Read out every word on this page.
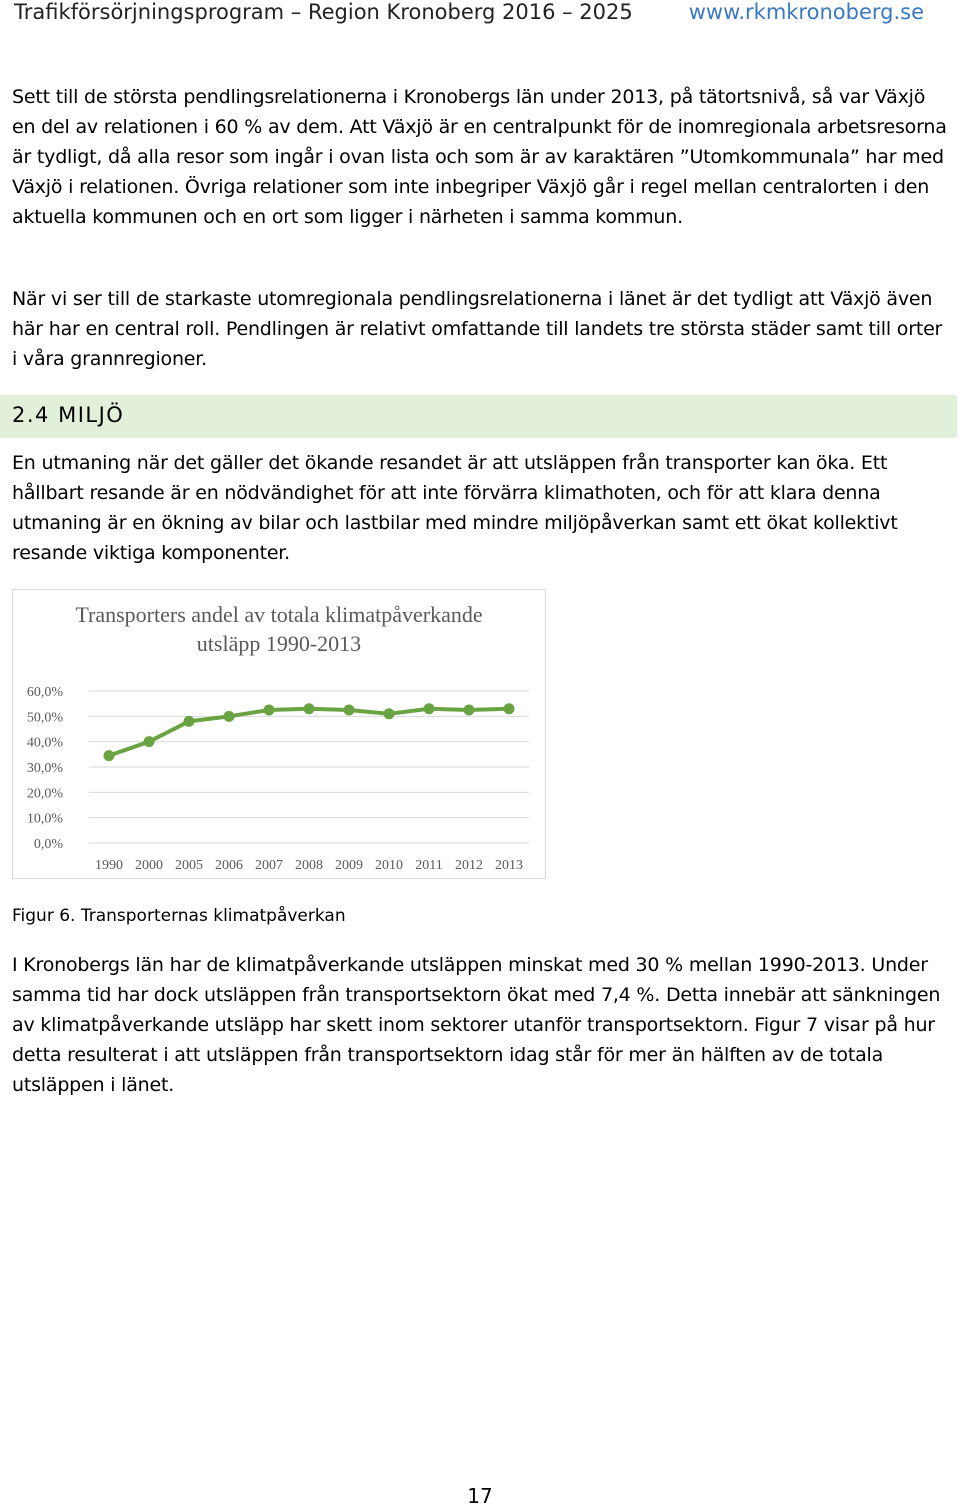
Trafikförsörjningsprogram – Region Kronoberg 2016 – 2025	www.rkmkronoberg.se

Sett till de största pendlingsrelationerna i Kronobergs län under 2013, på tätortsnivå, så var Växjö en del av relationen i 60 % av dem. Att Växjö är en centralpunkt för de inomregionala arbetsresorna är tydligt, då alla resor som ingår i ovan lista och som är av karaktären ”Utomkommunala” har med Växjö i relationen. Övriga relationer som inte inbegriper Växjö går i regel mellan centralorten i den aktuella kommunen och en ort som ligger i närheten i samma kommun.

När vi ser till de starkaste utomregionala pendlingsrelationerna i länet är det tydligt att Växjö även här har en central roll. Pendlingen är relativt omfattande till landets tre största städer samt till orter i våra grannregioner.

2.4 MILJÖ

En utmaning när det gäller det ökande resandet är att utsläppen från transporter kan öka. Ett hållbart resande är en nödvändighet för att inte förvärra klimathoten, och för att klara denna utmaning är en ökning av bilar och lastbilar med mindre miljöpåverkan samt ett ökat kollektivt resande viktiga komponenter.

Transporters andel av totala klimatpåverkande
utsläpp 1990-2013
0,0%
10,0%
20,0%
30,0%
40,0%
50,0%
60,0%
1990 2000 2005 2006 2007 2008 2009 2010 2011 2012 2013
Figur 6. Transporternas klimatpåverkan

I Kronobergs län har de klimatpåverkande utsläppen minskat med 30 % mellan 1990-2013. Under samma tid har dock utsläppen från transportsektorn ökat med 7,4 %. Detta innebär att sänkningen av klimatpåverkande utsläpp har skett inom sektorer utanför transportsektorn. Figur 7 visar på hur detta resulterat i att utsläppen från transportsektorn idag står för mer än hälften av de totala utsläppen i länet.

17
